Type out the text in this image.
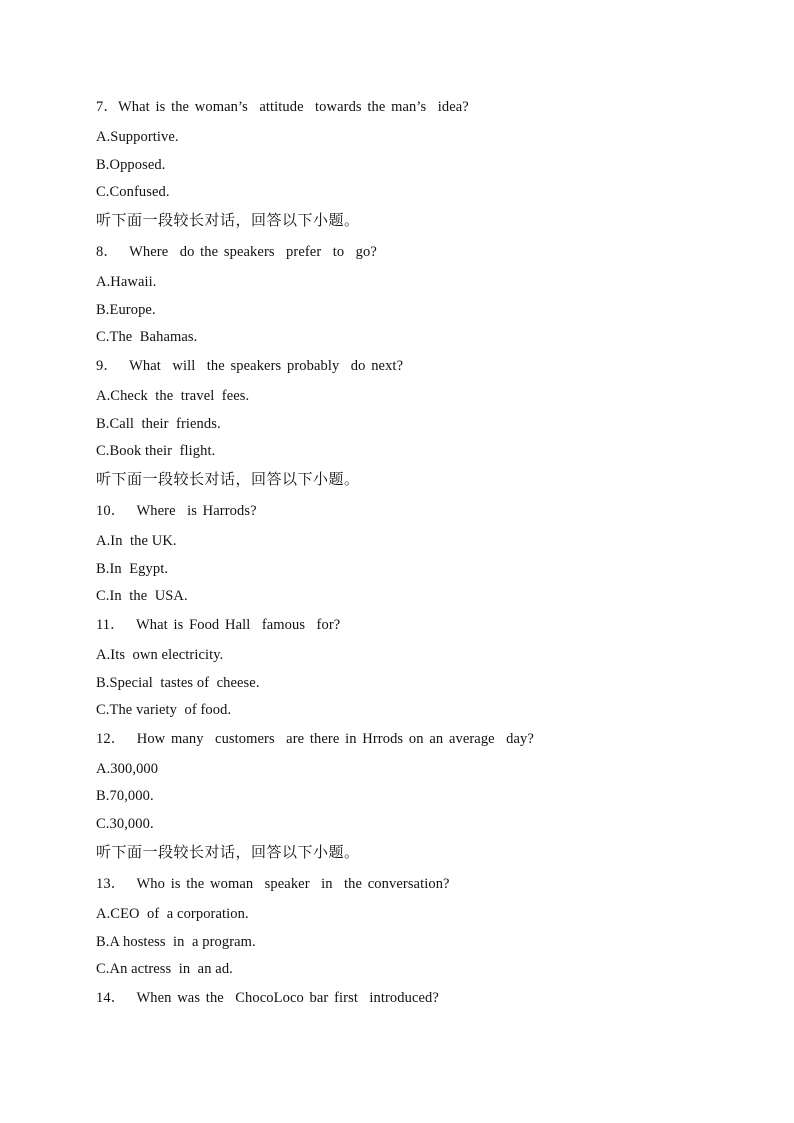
7．What is the woman’s  attitude  towards the man’s  idea?
A.Supportive.
B.Opposed.
C.Confused.
听下面一段较长对话，回答以下小题。
8．  Where  do the speakers  prefer  to  go?
A.Hawaii.
B.Europe.
C.The  Bahamas.
9．  What  will  the speakers probably  do next?
A.Check  the  travel  fees.
B.Call  their  friends.
C.Book their  flight.
听下面一段较长对话，回答以下小题。
10．  Where  is Harrods?
A.In  the UK.
B.In  Egypt.
C.In  the  USA.
11．  What is Food Hall  famous  for?
A.Its  own electricity.
B.Special  tastes of  cheese.
C.The variety  of food.
12．  How many  customers  are there in Hrrods on an average  day?
A.300,000
B.70,000.
C.30,000.
听下面一段较长对话，回答以下小题。
13．  Who is the woman  speaker  in  the conversation?
A.CEO  of  a corporation.
B.A hostess  in  a program.
C.An actress  in  an ad.
14．  When was the  ChocoLoco bar first  introduced?
